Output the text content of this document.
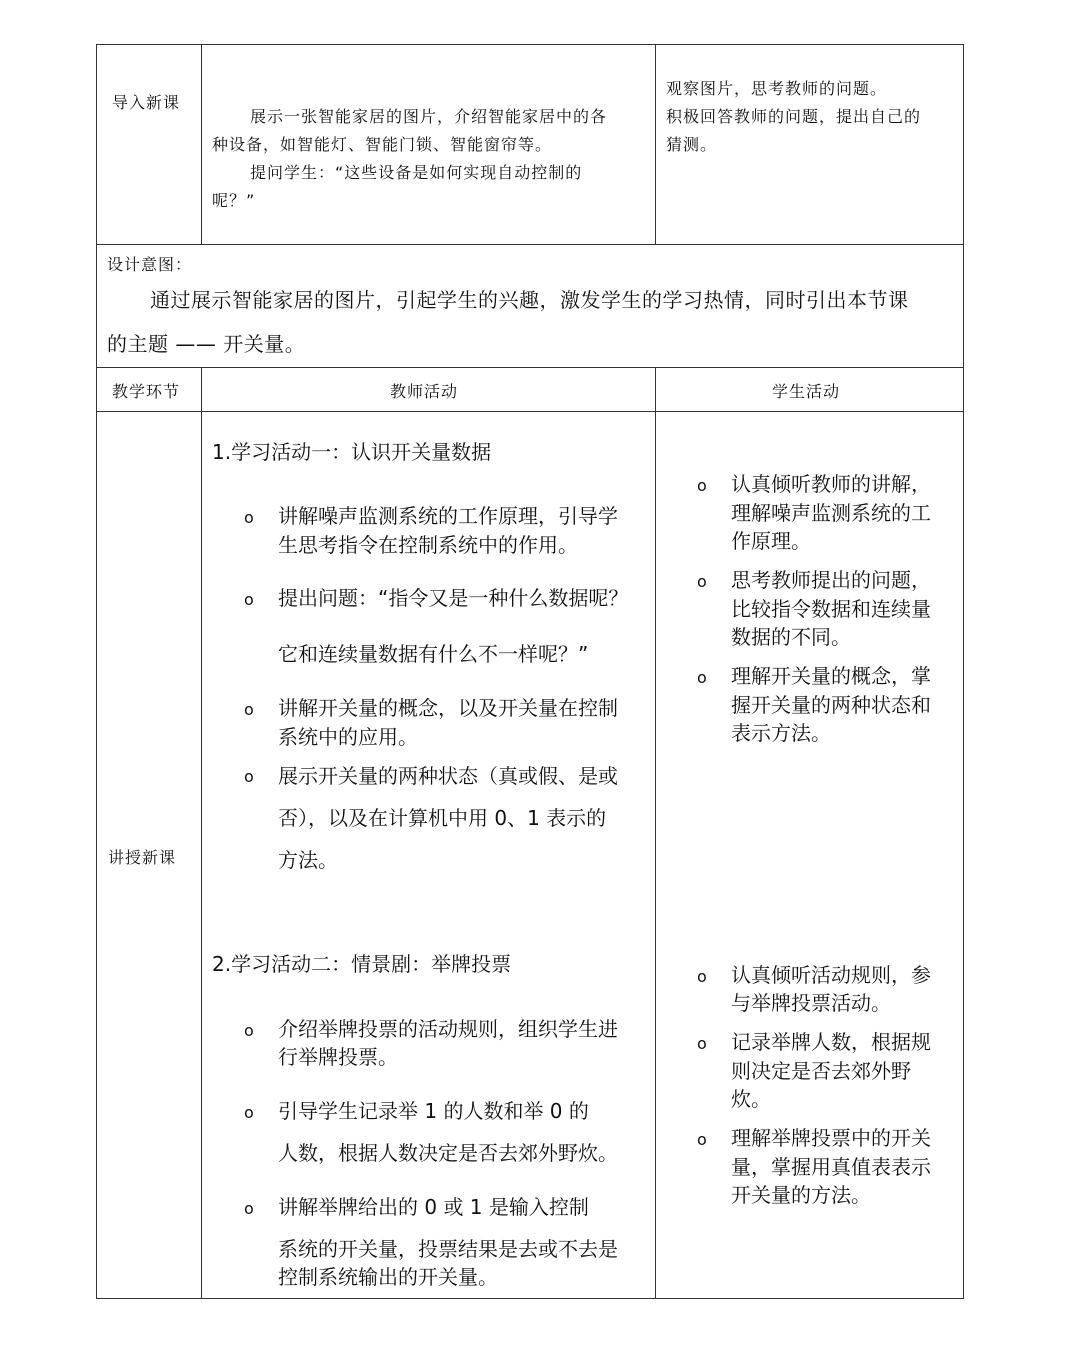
导入新课
展示一张智能家居的图片，介绍智能家居中的各
种设备，如智能灯、智能门锁、智能窗帘等。
提问学生：“这些设备是如何实现自动控制的
呢？”
观察图片，思考教师的问题。
积极回答教师的问题，提出自己的
猜测。
设计意图：
通过展示智能家居的图片，引起学生的兴趣，激发学生的学习热情，同时引出本节课
的主题 —— 开关量。
教学环节	教师活动	学生活动
讲授新课
1.学习活动一：认识开关量数据
o 讲解噪声监测系统的工作原理，引导学
生思考指令在控制系统中的作用。
o 提出问题：“指令又是一种什么数据呢？
它和连续量数据有什么不一样呢？”
o 讲解开关量的概念，以及开关量在控制
系统中的应用。
o 展示开关量的两种状态（真或假、是或
否），以及在计算机中用 0、1 表示的
方法。
o 认真倾听教师的讲解，
理解噪声监测系统的工
作原理。
o 思考教师提出的问题，
比较指令数据和连续量
数据的不同。
o 理解开关量的概念，掌
握开关量的两种状态和
表示方法。
2.学习活动二：情景剧：举牌投票
o 介绍举牌投票的活动规则，组织学生进
行举牌投票。
o 引导学生记录举 1 的人数和举 0 的
人数，根据人数决定是否去郊外野炊。
o 讲解举牌给出的 0 或 1 是输入控制
系统的开关量，投票结果是去或不去是
控制系统输出的开关量。
o 认真倾听活动规则，参
与举牌投票活动。
o 记录举牌人数，根据规
则决定是否去郊外野
炊。
o 理解举牌投票中的开关
量，掌握用真值表表示
开关量的方法。
